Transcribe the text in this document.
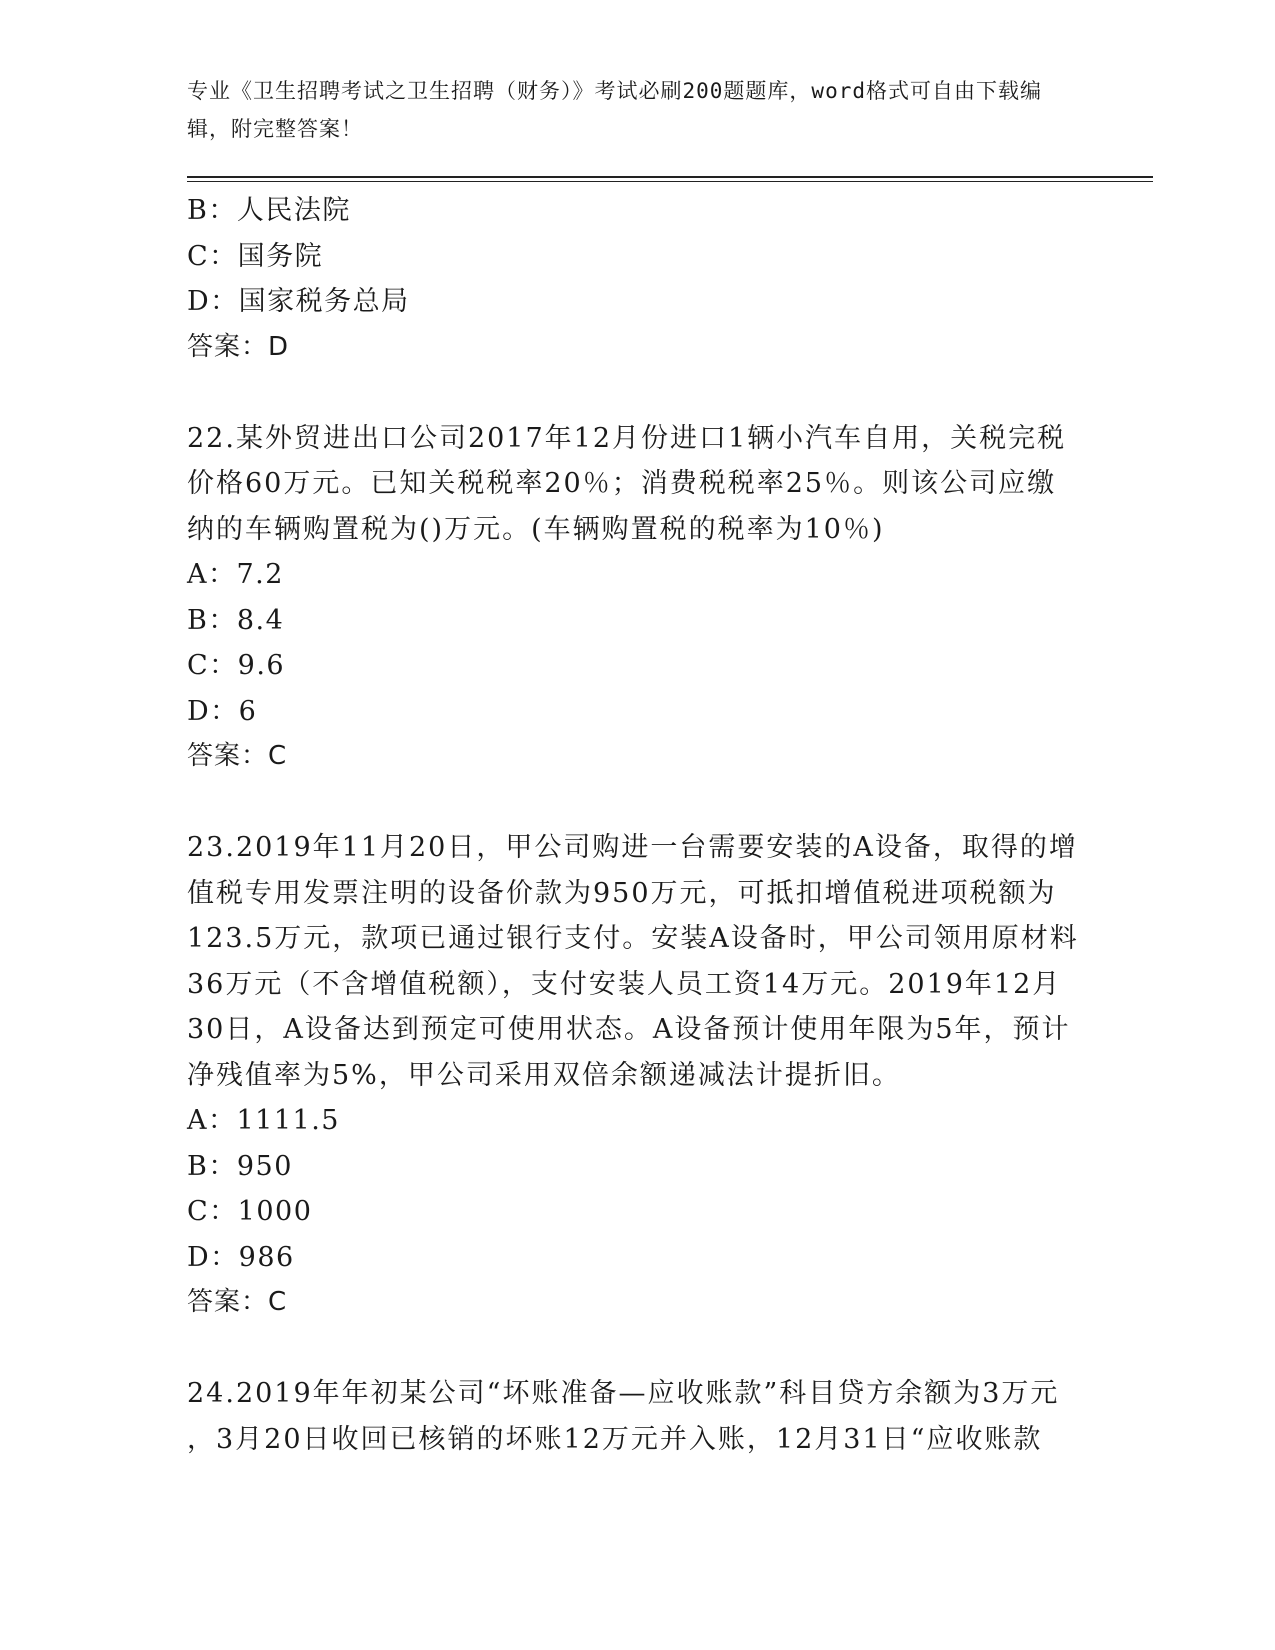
专业《卫生招聘考试之卫生招聘（财务）》考试必刷200题题库，word格式可自由下载编辑，附完整答案！
B：人民法院
C：国务院
D：国家税务总局
答案：D
22.某外贸进出口公司2017年12月份进口1辆小汽车自用，关税完税
价格60万元。已知关税税率20％；消费税税率25％。则该公司应缴
纳的车辆购置税为()万元。(车辆购置税的税率为10％)
A：7.2
B：8.4
C：9.6
D：6
答案：C
23.2019年11月20日，甲公司购进一台需要安装的A设备，取得的增
值税专用发票注明的设备价款为950万元，可抵扣增值税进项税额为
123.5万元，款项已通过银行支付。安装A设备时，甲公司领用原材料
36万元（不含增值税额），支付安装人员工资14万元。2019年12月
30日，A设备达到预定可使用状态。A设备预计使用年限为5年，预计
净残值率为5%，甲公司采用双倍余额递减法计提折旧。
A：1111.5
B：950
C：1000
D：986
答案：C
24.2019年年初某公司“坏账准备—应收账款”科目贷方余额为3万元
，3月20日收回已核销的坏账12万元并入账，12月31日“应收账款
